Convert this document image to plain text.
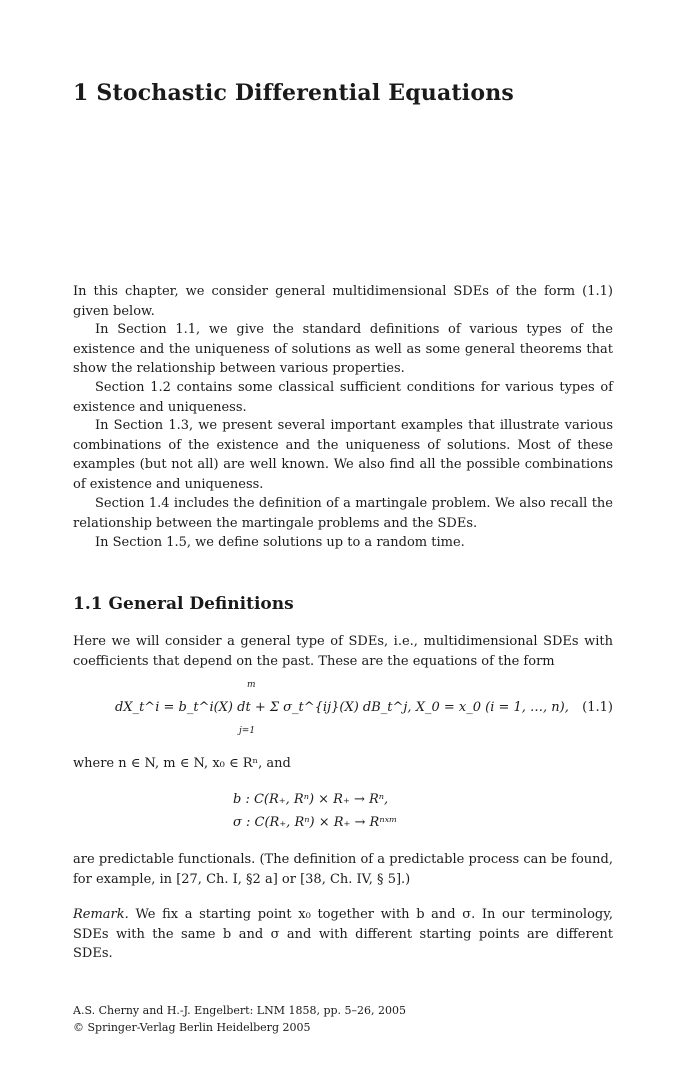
1 Stochastic Differential Equations

In this chapter, we consider general multidimensional SDEs of the form (1.1) given below.

In Section 1.1, we give the standard definitions of various types of the existence and the uniqueness of solutions as well as some general theorems that show the relationship between various properties.

Section 1.2 contains some classical sufficient conditions for various types of existence and uniqueness.

In Section 1.3, we present several important examples that illustrate various combinations of the existence and the uniqueness of solutions. Most of these examples (but not all) are well known. We also find all the possible combinations of existence and uniqueness.

Section 1.4 includes the definition of a martingale problem. We also recall the relationship between the martingale problems and the SDEs.

In Section 1.5, we define solutions up to a random time.

1.1 General Definitions

Here we will consider a general type of SDEs, i.e., multidimensional SDEs with coefficients that depend on the past. These are the equations of the form

m
dX_t^i = b_t^i(X) dt + Σ σ_t^{ij}(X) dB_t^j, X_0 = x_0 (i = 1, …, n),
j=1
(1.1)

where n ∈ N, m ∈ N, x₀ ∈ Rⁿ, and

b : C(R₊, Rⁿ) × R₊ → Rⁿ,
σ : C(R₊, Rⁿ) × R₊ → Rⁿˣᵐ

are predictable functionals. (The definition of a predictable process can be found, for example, in [27, Ch. I, §2 a] or [38, Ch. IV, § 5].)

Remark. We fix a starting point x₀ together with b and σ. In our terminology, SDEs with the same b and σ and with different starting points are different SDEs.

A.S. Cherny and H.-J. Engelbert: LNM 1858, pp. 5–26, 2005

© Springer-Verlag Berlin Heidelberg 2005
